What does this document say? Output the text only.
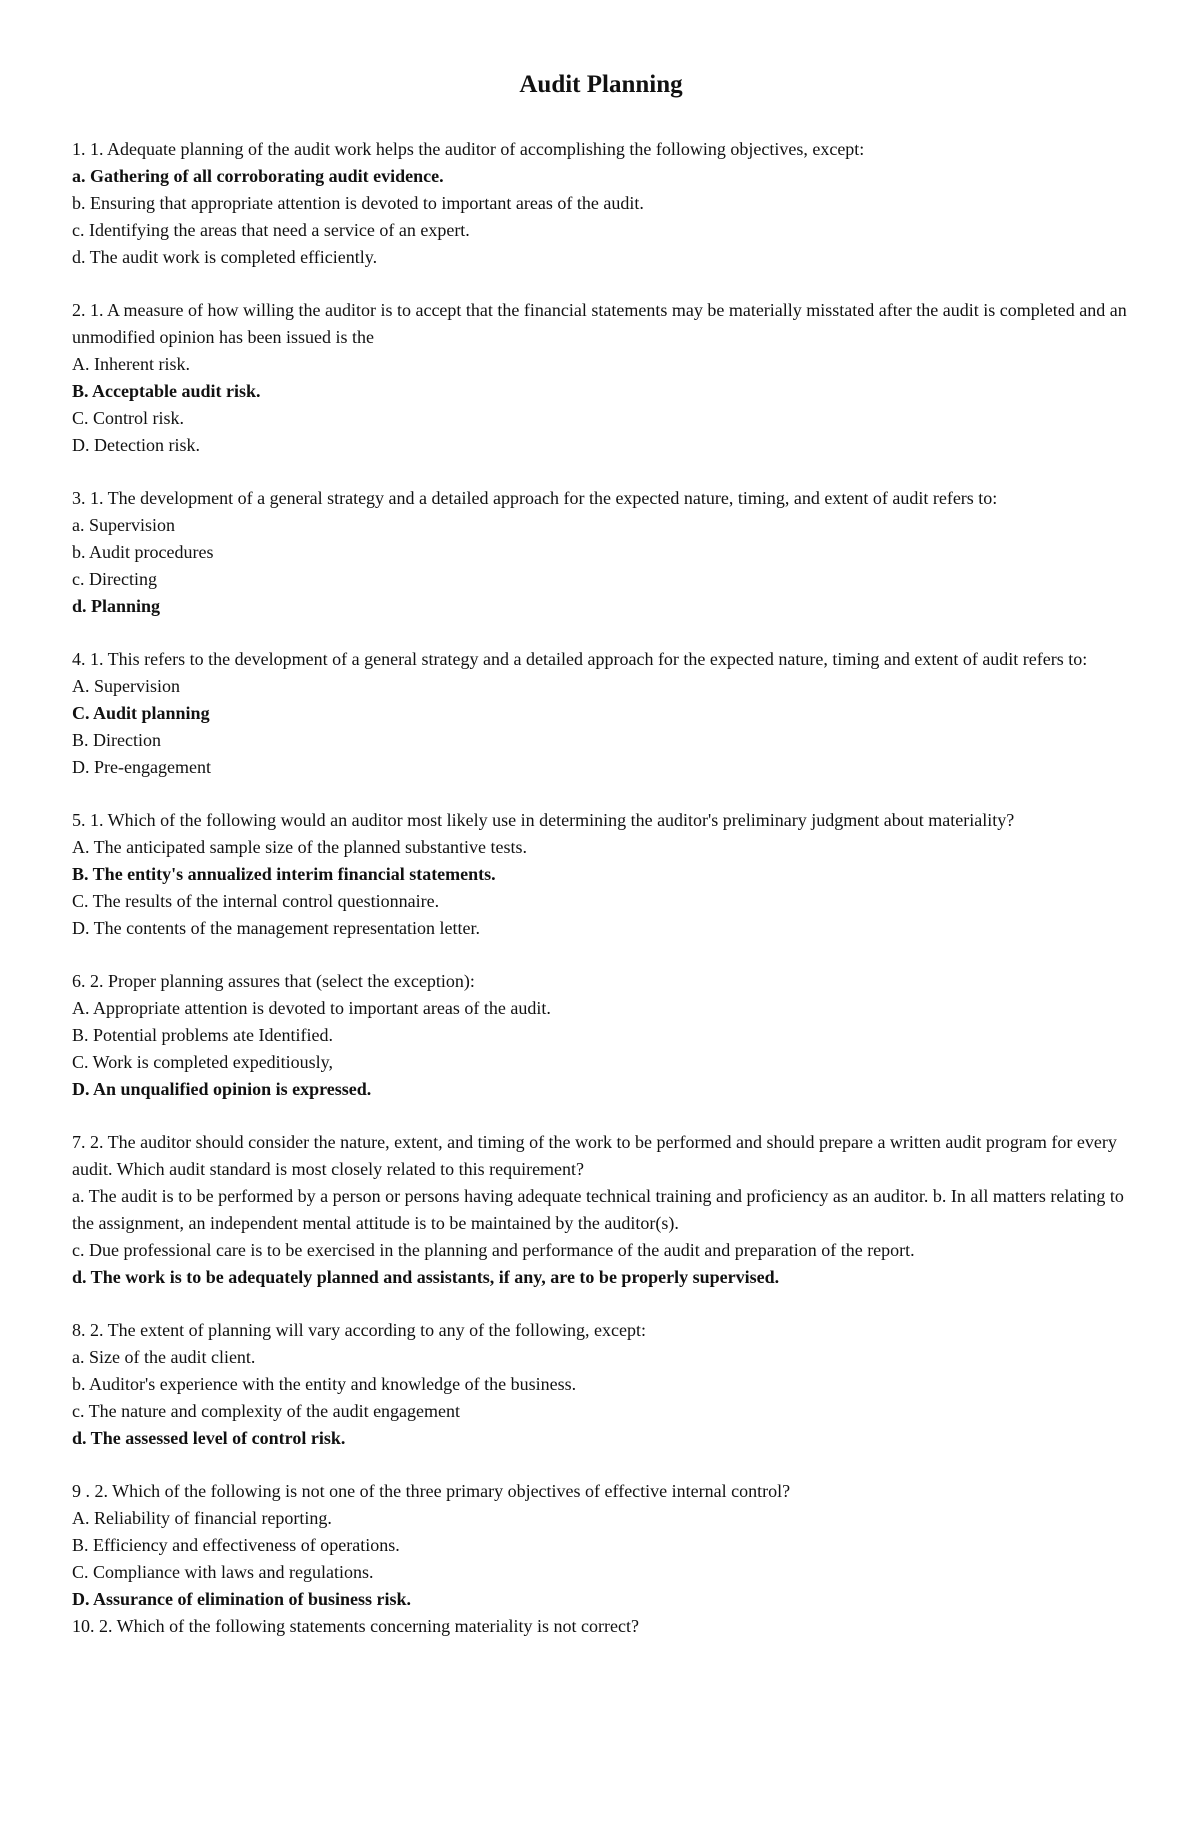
Audit Planning

1. 1. Adequate planning of the audit work helps the auditor of accomplishing the following objectives, except:

a. Gathering of all corroborating audit evidence.

b. Ensuring that appropriate attention is devoted to important areas of the audit.

c. Identifying the areas that need a service of an expert.

d. The audit work is completed efficiently.

2. 1. A measure of how willing the auditor is to accept that the financial statements may be materially misstated after the audit is completed and an unmodified opinion has been issued is the

A. Inherent risk.

B. Acceptable audit risk.

C. Control risk.

D. Detection risk.

3. 1. The development of a general strategy and a detailed approach for the expected nature, timing, and extent of audit refers to:

a. Supervision

b. Audit procedures

c. Directing

d. Planning

4. 1. This refers to the development of a general strategy and a detailed approach for the expected nature, timing and extent of audit refers to:

A. Supervision

C. Audit planning

B. Direction

D. Pre-engagement

5. 1. Which of the following would an auditor most likely use in determining the auditor's preliminary judgment about materiality?

A. The anticipated sample size of the planned substantive tests.

B. The entity's annualized interim financial statements.

C. The results of the internal control questionnaire.

D. The contents of the management representation letter.

6. 2. Proper planning assures that (select the exception):

A. Appropriate attention is devoted to important areas of the audit.

B. Potential problems ate Identified.

C. Work is completed expeditiously,

D. An unqualified opinion is expressed.

7. 2. The auditor should consider the nature, extent, and timing of the work to be performed and should prepare a written audit program for every audit. Which audit standard is most closely related to this requirement?

a. The audit is to be performed by a person or persons having adequate technical training and proficiency as an auditor. b. In all matters relating to the assignment, an independent mental attitude is to be maintained by the auditor(s).

c. Due professional care is to be exercised in the planning and performance of the audit and preparation of the report.

d. The work is to be adequately planned and assistants, if any, are to be properly supervised.

8. 2. The extent of planning will vary according to any of the following, except:

a. Size of the audit client.

b. Auditor's experience with the entity and knowledge of the business.

c. The nature and complexity of the audit engagement

d. The assessed level of control risk.

9 . 2. Which of the following is not one of the three primary objectives of effective internal control?

A. Reliability of financial reporting.

B. Efficiency and effectiveness of operations.

C. Compliance with laws and regulations.

D. Assurance of elimination of business risk.

10. 2. Which of the following statements concerning materiality is not correct?
